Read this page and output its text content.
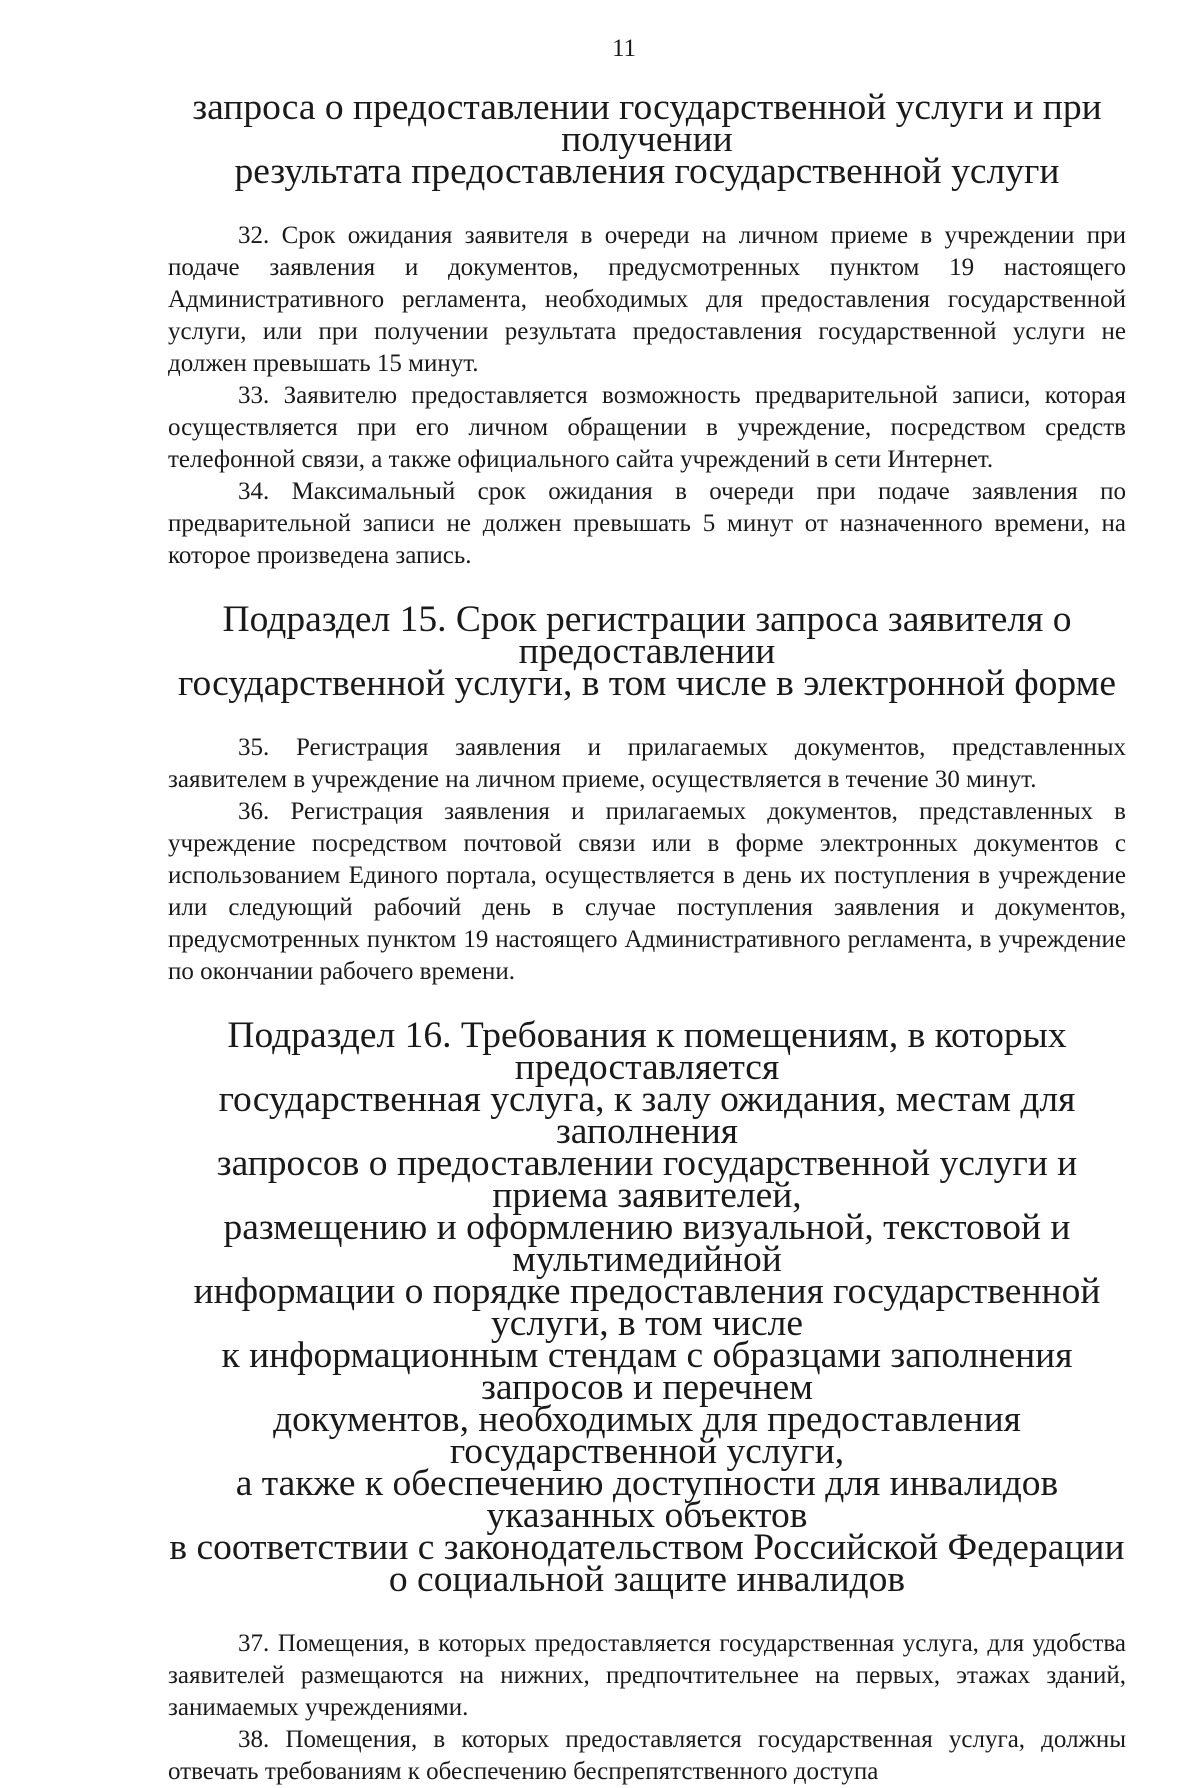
11
запроса о предоставлении государственной услуги и при получении
результата предоставления государственной услуги

32. Срок ожидания заявителя в очереди на личном приеме в учреждении при подаче заявления и документов, предусмотренных пунктом 19 настоящего Административного регламента, необходимых для предоставления государственной услуги, или при получении результата предоставления государственной услуги не должен превышать 15 минут.

33. Заявителю предоставляется возможность предварительной записи, которая осуществляется при его личном обращении в учреждение, посредством средств телефонной связи, а также официального сайта учреждений в сети Интернет.

34. Максимальный срок ожидания в очереди при подаче заявления по предварительной записи не должен превышать 5 минут от назначенного времени, на которое произведена запись.

Подраздел 15. Срок регистрации запроса заявителя о предоставлении
государственной услуги, в том числе в электронной форме

35. Регистрация заявления и прилагаемых документов, представленных заявителем в учреждение на личном приеме, осуществляется в течение 30 минут.

36. Регистрация заявления и прилагаемых документов, представленных в учреждение посредством почтовой связи или в форме электронных документов с использованием Единого портала, осуществляется в день их поступления в учреждение или следующий рабочий день в случае поступления заявления и документов, предусмотренных пунктом 19 настоящего Административного регламента, в учреждение по окончании рабочего времени.

Подраздел 16. Требования к помещениям, в которых предоставляется
государственная услуга, к залу ожидания, местам для заполнения
запросов о предоставлении государственной услуги и приема заявителей,
размещению и оформлению визуальной, текстовой и мультимедийной
информации о порядке предоставления государственной услуги, в том числе
к информационным стендам с образцами заполнения запросов и перечнем
документов, необходимых для предоставления государственной услуги,
а также к обеспечению доступности для инвалидов указанных объектов
в соответствии с законодательством Российской Федерации
о социальной защите инвалидов

37. Помещения, в которых предоставляется государственная услуга, для удобства заявителей размещаются на нижних, предпочтительнее на первых, этажах зданий, занимаемых учреждениями.

38. Помещения, в которых предоставляется государственная услуга, должны отвечать требованиям к обеспечению беспрепятственного доступа
